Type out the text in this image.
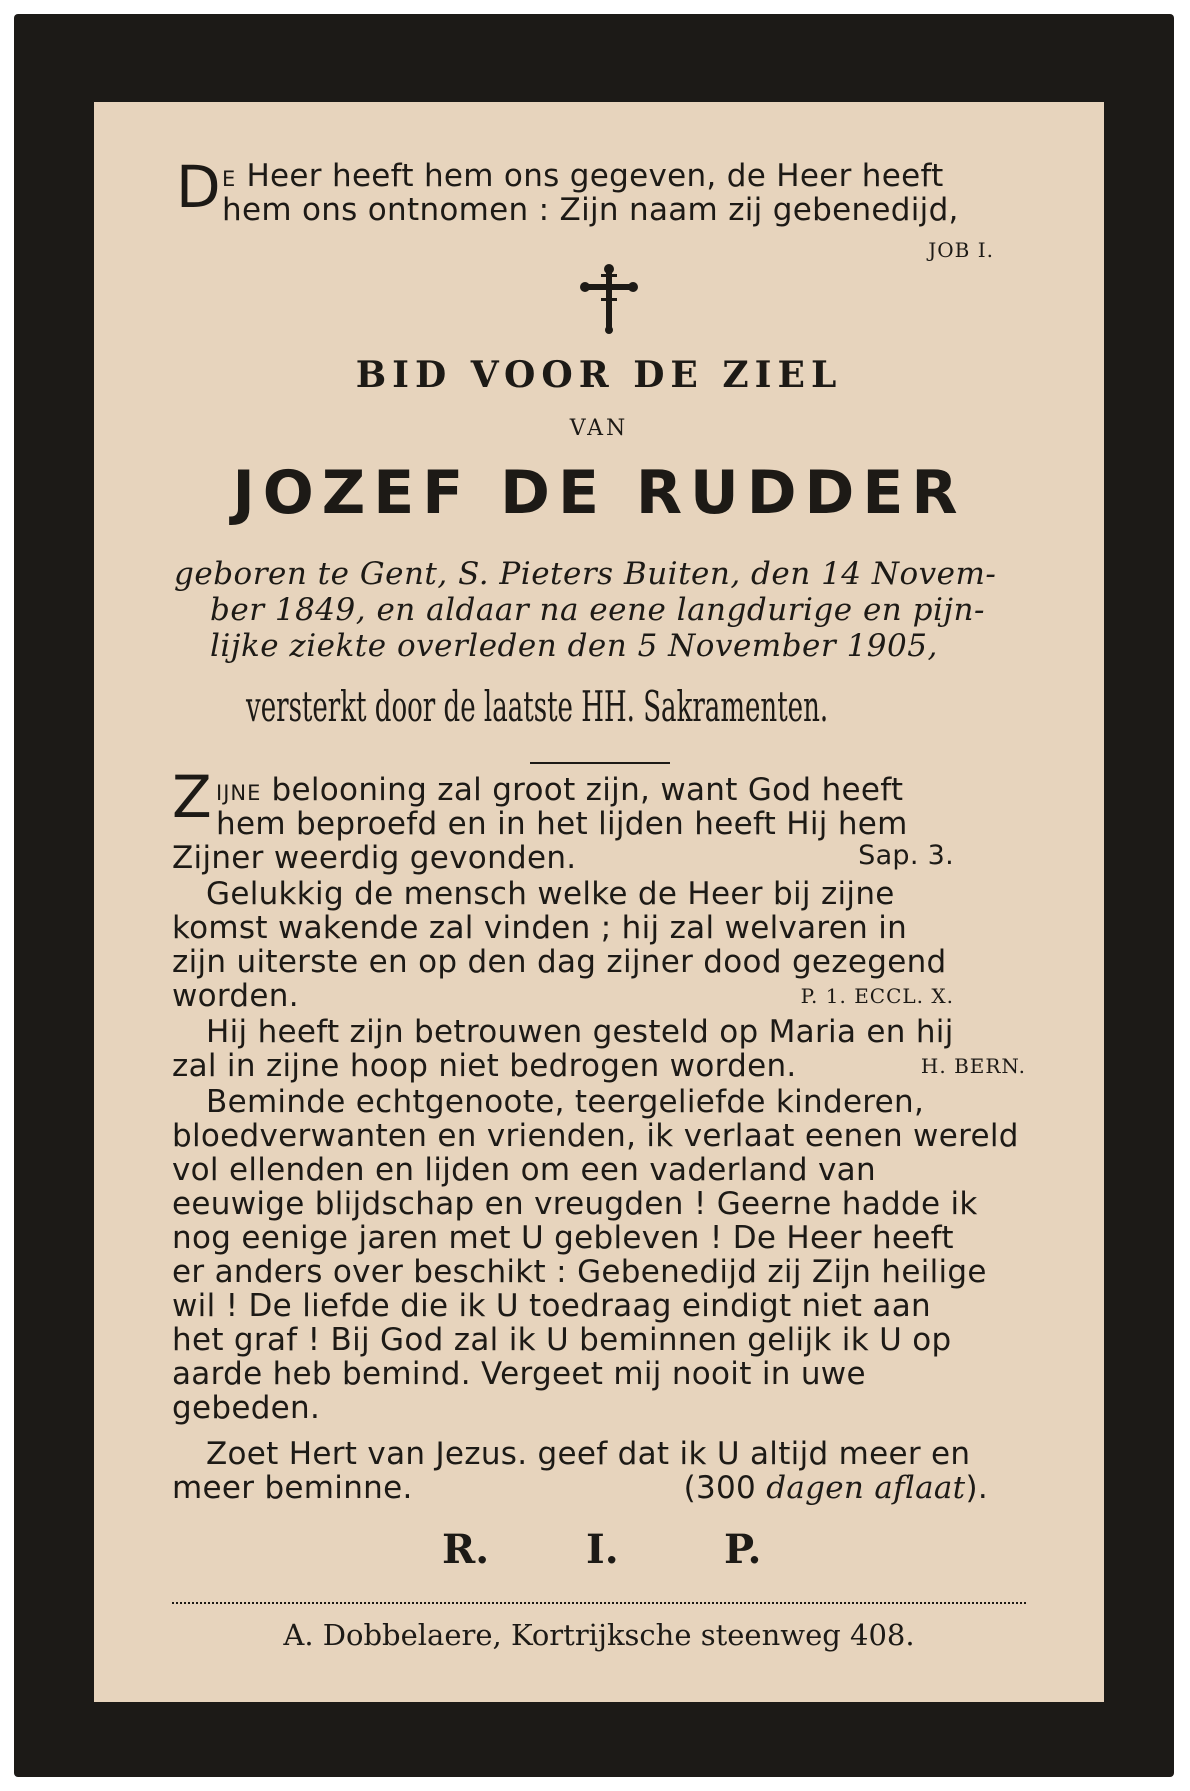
D E Heer heeft hem ons gegeven, de Heer heeft
hem ons ontnomen : Zijn naam zij gebenedijd,
JOB I.
BID VOOR DE ZIEL
VAN
JOZEF DE RUDDER
geboren te Gent, S. Pieters Buiten, den 14 Novem-
ber 1849, en aldaar na eene langdurige en pijn-
lijke ziekte overleden den 5 November 1905,
versterkt door de laatste HH. Sakramenten.
Z IJNE belooning zal groot zijn, want God heeft
hem beproefd en in het lijden heeft Hij hem
Zijner weerdig gevonden.	Sap. 3.
Gelukkig de mensch welke de Heer bij zijne
komst wakende zal vinden ; hij zal welvaren in
zijn uiterste en op den dag zijner dood gezegend
worden.	P. 1. ECCL. X.
Hij heeft zijn betrouwen gesteld op Maria en hij
zal in zijne hoop niet bedrogen worden.	H. BERN.
Beminde echtgenoote, teergeliefde kinderen,
bloedverwanten en vrienden, ik verlaat eenen wereld
vol ellenden en lijden om een vaderland van
eeuwige blijdschap en vreugden ! Geerne hadde ik
nog eenige jaren met U gebleven ! De Heer heeft
er anders over beschikt : Gebenedijd zij Zijn heilige
wil ! De liefde die ik U toedraag eindigt niet aan
het graf ! Bij God zal ik U beminnen gelijk ik U op
aarde heb bemind. Vergeet mij nooit in uwe
gebeden.
Zoet Hert van Jezus. geef dat ik U altijd meer en
meer beminne.	(300 dagen aflaat).
R. I.	P.
A. Dobbelaere, Kortrijksche steenweg 408.
